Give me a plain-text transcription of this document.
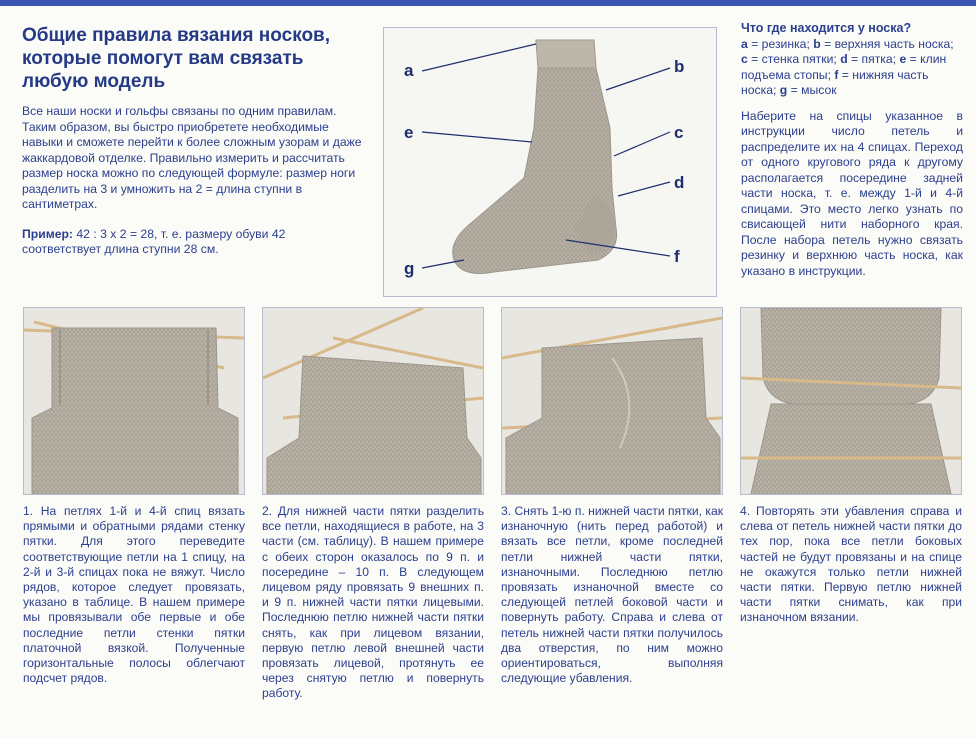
Общие правила вязания носков, которые помогут вам связать любую модель

Все наши носки и гольфы связаны по одним правилам. Таким образом, вы быстро приобретете необходимые навыки и сможете перейти к более сложным узорам и даже жаккардовой отделке. Правильно измерить и рассчитать размер носка можно по следующей формуле: размер ноги разделить на 3 и умножить на 2 = длина ступни в сантиметрах.

Пример: 42 : 3 x 2 = 28, т. е. размеру обуви 42 соответствует длина ступни 28 см.

a	b
e	c
d
f
g
Что где находится у носка?

a = резинка; b = верхняя часть носка; c = стенка пятки; d = пятка; e = клин подъема стопы; f = нижняя часть носка; g = мысок

Наберите на спицы указанное в инструкции число петель и распределите их на 4 спицах. Переход от одного кругового ряда к другому располагается посередине задней части носка, т. е. между 1-й и 4-й спицами. Это место легко узнать по свисающей нити наборного края. После набора петель нужно связать резинку и верхнюю часть носка, как указано в инструкции.

1. На петлях 1-й и 4-й спиц вязать прямыми и обратными рядами стенку пятки. Для этого переведите соответствующие петли на 1 спицу, на 2-й и 3-й спицах пока не вяжут. Число рядов, которое следует провязать, указано в таблице. В нашем примере мы провязывали обе первые и обе последние петли стенки пятки платочной вязкой. Полученные горизонтальные полосы облегчают подсчет рядов.
2. Для нижней части пятки разделить все петли, находящиеся в работе, на 3 части (см. таблицу). В нашем примере с обеих сторон оказалось по 9 п. и посередине – 10 п. В следующем лицевом ряду провязать 9 внешних п. и 9 п. нижней части пятки лицевыми. Последнюю петлю нижней части пятки снять, как при лицевом вязании, первую петлю левой внешней части провязать лицевой, протянуть ее через снятую петлю и повернуть работу.
3. Снять 1-ю п. нижней части пятки, как изнаночную (нить перед работой) и вязать все петли, кроме последней петли нижней части пятки, изнаночными. Последнюю петлю провязать изнаночной вместе со следующей петлей боковой части и повернуть работу. Справа и слева от петель нижней части пятки получилось два отверстия, по ним можно ориентироваться, выполняя следующие убавления.
4. Повторять эти убавления справа и слева от петель нижней части пятки до тех пор, пока все петли боковых частей не будут провязаны и на спице не окажутся только петли нижней части пятки. Первую петлю нижней части пятки снимать, как при изнаночном вязании.
